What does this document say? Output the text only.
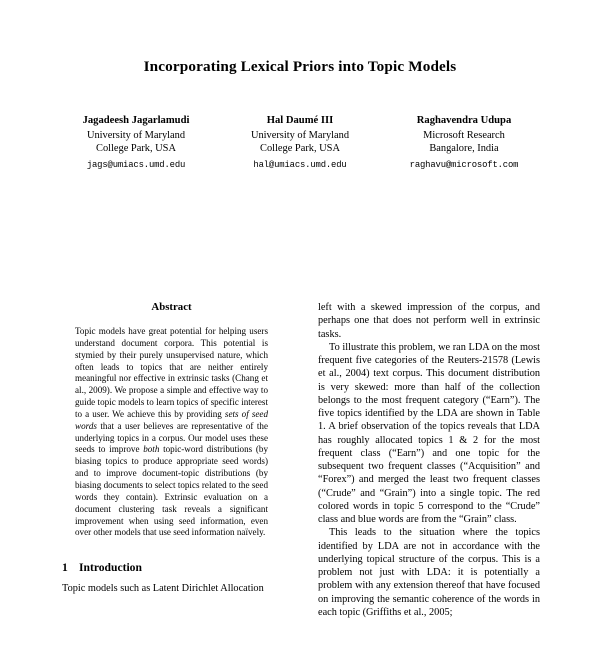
Incorporating Lexical Priors into Topic Models
Jagadeesh Jagarlamudi
University of Maryland
College Park, USA
jags@umiacs.umd.edu
Hal Daumé III
University of Maryland
College Park, USA
hal@umiacs.umd.edu
Raghavendra Udupa
Microsoft Research
Bangalore, India
raghavu@microsoft.com
Abstract

Topic models have great potential for helping users understand document corpora. This potential is stymied by their purely unsupervised nature, which often leads to topics that are neither entirely meaningful nor effective in extrinsic tasks (Chang et al., 2009). We propose a simple and effective way to guide topic models to learn topics of specific interest to a user. We achieve this by providing sets of seed words that a user believes are representative of the underlying topics in a corpus. Our model uses these seeds to improve both topic-word distributions (by biasing topics to produce appropriate seed words) and to improve document-topic distributions (by biasing documents to select topics related to the seed words they contain). Extrinsic evaluation on a document clustering task reveals a significant improvement when using seed information, even over other models that use seed information naïvely.

1 Introduction

Topic models such as Latent Dirichlet Allocation

left with a skewed impression of the corpus, and perhaps one that does not perform well in extrinsic tasks.

To illustrate this problem, we ran LDA on the most frequent five categories of the Reuters-21578 (Lewis et al., 2004) text corpus. This document distribution is very skewed: more than half of the collection belongs to the most frequent category (“Earn”). The five topics identified by the LDA are shown in Table 1. A brief observation of the topics reveals that LDA has roughly allocated topics 1 & 2 for the most frequent class (“Earn”) and one topic for the subsequent two frequent classes (“Acquisition” and “Forex”) and merged the least two frequent classes (“Crude” and “Grain”) into a single topic. The red colored words in topic 5 correspond to the “Crude” class and blue words are from the “Grain” class.

This leads to the situation where the topics identified by LDA are not in accordance with the underlying topical structure of the corpus. This is a problem not just with LDA: it is potentially a problem with any extension thereof that have focused on improving the semantic coherence of the words in each topic (Griffiths et al., 2005;
